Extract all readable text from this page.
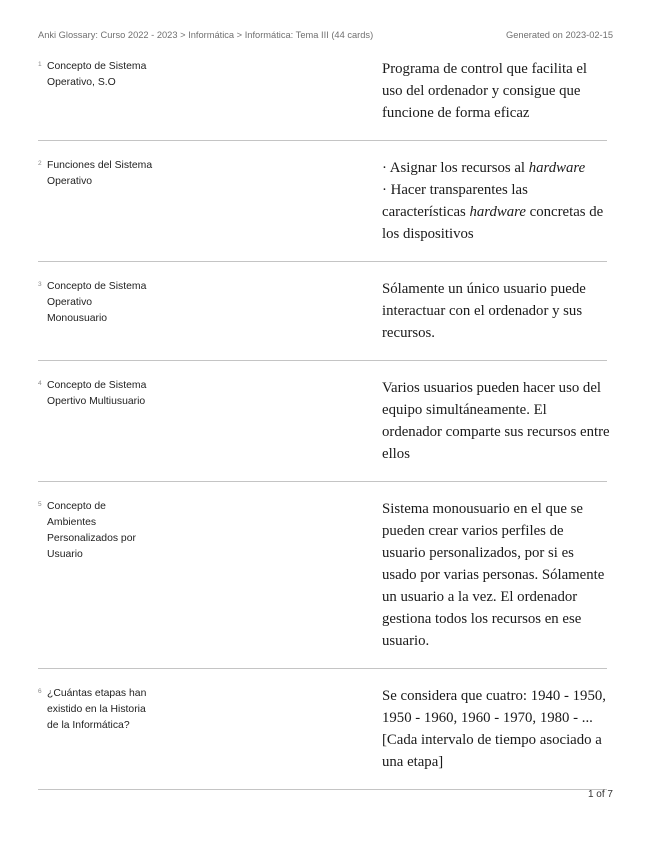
Anki Glossary: Curso 2022 - 2023 > Informática > Informática: Tema III (44 cards)	Generated on 2023-02-15
1 Concepto de Sistema
Operativo, S.O

Programa de control que facilita el uso del ordenador y consigue que funcione de forma eficaz

2 Funciones del Sistema
Operativo

· Asignar los recursos al hardware

· Hacer transparentes las características hardware concretas de los dispositivos

3 Concepto de Sistema
Operativo
Monousuario

Sólamente un único usuario puede interactuar con el ordenador y sus recursos.

4 Concepto de Sistema
Opertivo Multiusuario

Varios usuarios pueden hacer uso del equipo simultáneamente. El ordenador comparte sus recursos entre ellos

5 Concepto de
Ambientes
Personalizados por
Usuario

Sistema monousuario en el que se pueden crear varios perfiles de usuario personalizados, por si es usado por varias personas. Sólamente un usuario a la vez. El ordenador gestiona todos los recursos en ese usuario.

6 ¿Cuántas etapas han
existido en la Historia
de la Informática?

Se considera que cuatro: 1940 - 1950, 1950 - 1960, 1960 - 1970, 1980 - ... [Cada intervalo de tiempo asociado a una etapa]

1 of 7
